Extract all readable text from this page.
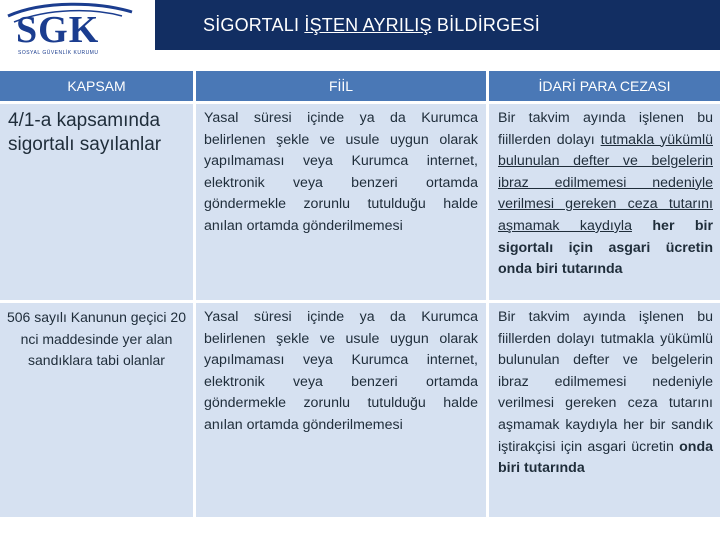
SGK
SOSYAL GÜVENLİK KURUMU
SİGORTALI İŞTEN AYRILIŞ BİLDİRGESİ
KAPSAM	FİİL	İDARİ PARA CEZASI
4/1-a kapsamında sigortalı sayılanlar
Yasal süresi içinde ya da Kurumca belirlenen şekle ve usule uygun olarak yapılmaması veya Kurumca internet, elektronik veya benzeri ortamda göndermekle zorunlu tutulduğu halde anılan ortamda gönderilmemesi
Bir takvim ayında işlenen bu fiillerden dolayı tutmakla yükümlü bulunulan defter ve belgelerin ibraz edilmemesi nedeniyle verilmesi gereken ceza tutarını aşmamak kaydıyla her bir sigortalı için asgari ücretin onda biri tutarında
506 sayılı Kanunun geçici 20 nci maddesinde yer alan sandıklara tabi olanlar
Yasal süresi içinde ya da Kurumca belirlenen şekle ve usule uygun olarak yapılmaması veya Kurumca internet, elektronik veya benzeri ortamda göndermekle zorunlu tutulduğu halde anılan ortamda gönderilmemesi
Bir takvim ayında işlenen bu fiillerden dolayı tutmakla yükümlü bulunulan defter ve belgelerin ibraz edilmemesi nedeniyle verilmesi gereken ceza tutarını aşmamak kaydıyla her bir sandık iştirakçisi için asgari ücretin onda biri tutarında
